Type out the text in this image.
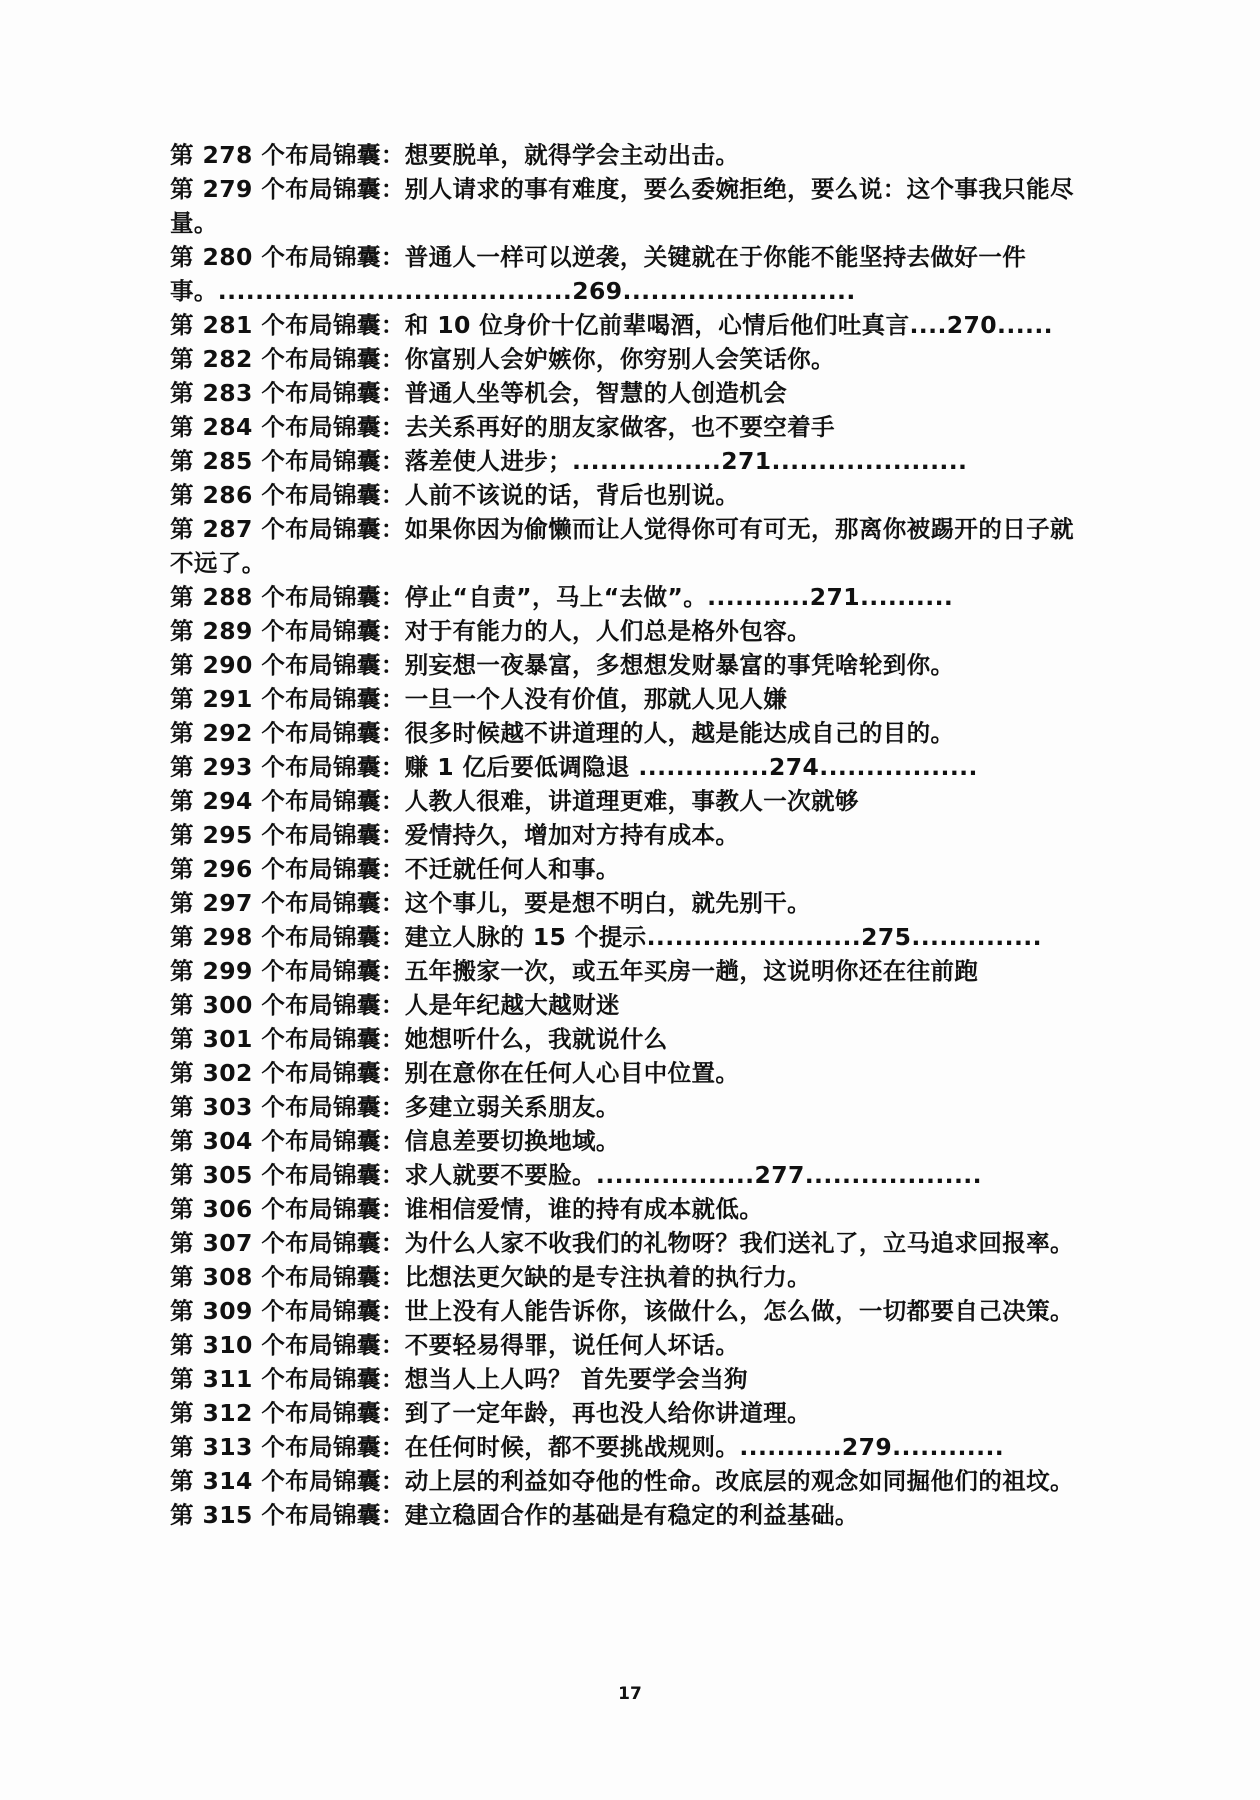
第 278 个布局锦囊：想要脱单，就得学会主动出击。
第 279 个布局锦囊：别人请求的事有难度，要么委婉拒绝，要么说：这个事我只能尽量。
第 280 个布局锦囊：普通人一样可以逆袭，关键就在于你能不能坚持去做好一件事。......................................269.........................
第 281 个布局锦囊：和 10 位身价十亿前辈喝酒，心情后他们吐真言....270......
第 282 个布局锦囊：你富别人会妒嫉你，你穷别人会笑话你。
第 283 个布局锦囊：普通人坐等机会，智慧的人创造机会
第 284 个布局锦囊：去关系再好的朋友家做客，也不要空着手
第 285 个布局锦囊：落差使人进步；................271.....................
第 286 个布局锦囊：人前不该说的话，背后也别说。
第 287 个布局锦囊：如果你因为偷懒而让人觉得你可有可无，那离你被踢开的日子就不远了。
第 288 个布局锦囊：停止“自责”，马上“去做”。...........271..........
第 289 个布局锦囊：对于有能力的人，人们总是格外包容。
第 290 个布局锦囊：别妄想一夜暴富，多想想发财暴富的事凭啥轮到你。
第 291 个布局锦囊：一旦一个人没有价值，那就人见人嫌
第 292 个布局锦囊：很多时候越不讲道理的人，越是能达成自己的目的。
第 293 个布局锦囊：赚 1 亿后要低调隐退 ..............274.................
第 294 个布局锦囊：人教人很难，讲道理更难，事教人一次就够
第 295 个布局锦囊：爱情持久，增加对方持有成本。
第 296 个布局锦囊：不迁就任何人和事。
第 297 个布局锦囊：这个事儿，要是想不明白，就先别干。
第 298 个布局锦囊：建立人脉的 15 个提示.......................275..............
第 299 个布局锦囊：五年搬家一次，或五年买房一趟，这说明你还在往前跑
第 300 个布局锦囊：人是年纪越大越财迷
第 301 个布局锦囊：她想听什么，我就说什么
第 302 个布局锦囊：别在意你在任何人心目中位置。
第 303 个布局锦囊：多建立弱关系朋友。
第 304 个布局锦囊：信息差要切换地域。
第 305 个布局锦囊：求人就要不要脸。.................277...................
第 306 个布局锦囊：谁相信爱情，谁的持有成本就低。
第 307 个布局锦囊：为什么人家不收我们的礼物呀？我们送礼了，立马追求回报率。
第 308 个布局锦囊：比想法更欠缺的是专注执着的执行力。
第 309 个布局锦囊：世上没有人能告诉你，该做什么，怎么做，一切都要自己决策。
第 310 个布局锦囊：不要轻易得罪，说任何人坏话。
第 311 个布局锦囊：想当人上人吗？ 首先要学会当狗
第 312 个布局锦囊：到了一定年龄，再也没人给你讲道理。
第 313 个布局锦囊：在任何时候，都不要挑战规则。...........279............
第 314 个布局锦囊：动上层的利益如夺他的性命。改底层的观念如同掘他们的祖坟。
第 315 个布局锦囊：建立稳固合作的基础是有稳定的利益基础。
17
